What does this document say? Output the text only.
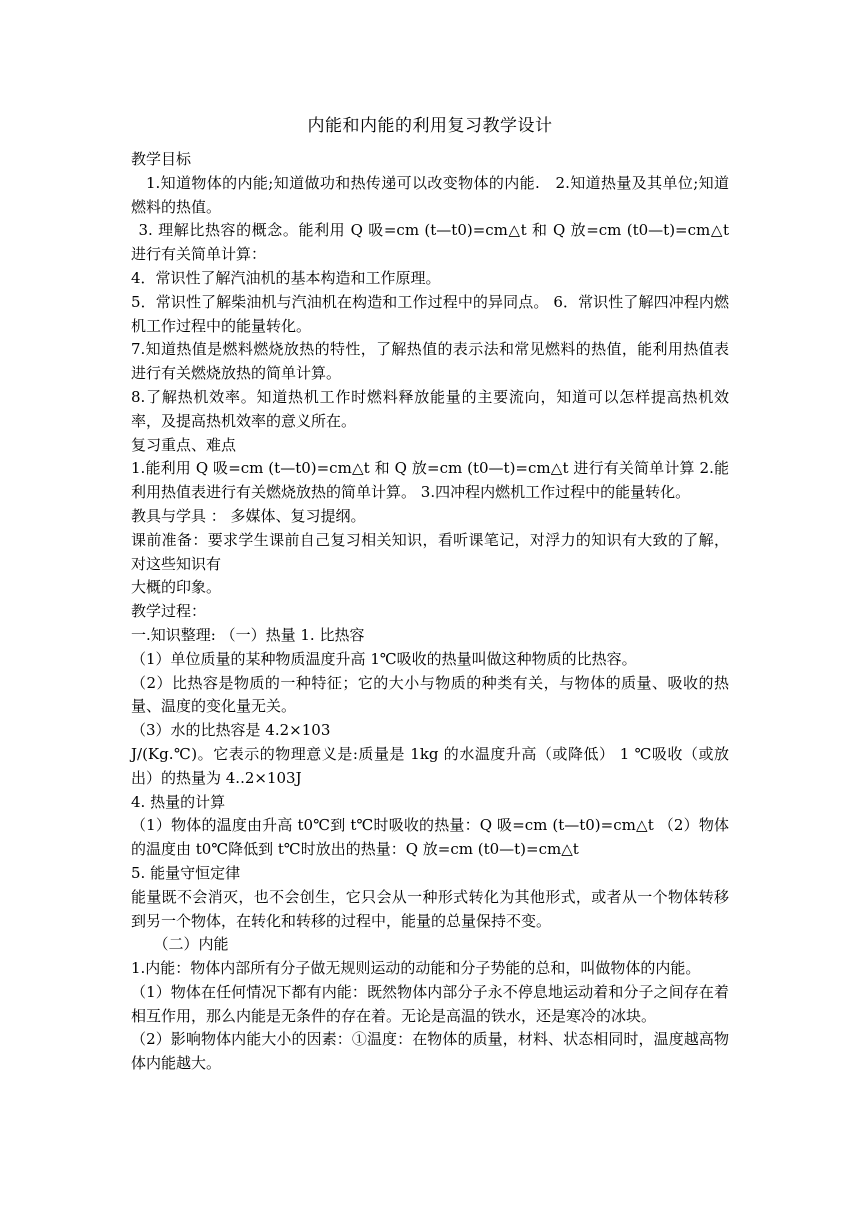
内能和内能的利用复习教学设计

教学目标

1.知道物体的内能;知道做功和热传递可以改变物体的内能.　2.知道热量及其单位;知道燃料的热值。

3. 理解比热容的概念。能利用 Q 吸=cm (t—t0)=cm△t 和 Q 放=cm (t0—t)=cm△t 进行有关简单计算：

4．常识性了解汽油机的基本构造和工作原理。

5．常识性了解柴油机与汽油机在构造和工作过程中的异同点。 6．常识性了解四冲程内燃机工作过程中的能量转化。

7.知道热值是燃料燃烧放热的特性，了解热值的表示法和常见燃料的热值，能利用热值表进行有关燃烧放热的简单计算。

8.了解热机效率。知道热机工作时燃料释放能量的主要流向，知道可以怎样提高热机效率，及提高热机效率的意义所在。

复习重点、难点

1.能利用 Q 吸=cm (t—t0)=cm△t 和 Q 放=cm (t0—t)=cm△t 进行有关简单计算 2.能利用热值表进行有关燃烧放热的简单计算。 3.四冲程内燃机工作过程中的能量转化。

教具与学具 ： 多媒体、复习提纲。

课前准备：要求学生课前自己复习相关知识，看听课笔记，对浮力的知识有大致的了解，对这些知识有

大概的印象。

教学过程：

一.知识整理: （一）热量 1. 比热容

（1）单位质量的某种物质温度升高 1℃吸收的热量叫做这种物质的比热容。

（2）比热容是物质的一种特征；它的大小与物质的种类有关，与物体的质量、吸收的热量、温度的变化量无关。

（3）水的比热容是 4.2×103

J/(Kg.℃)。它表示的物理意义是:质量是 1kg 的水温度升高（或降低） 1 ℃吸收（或放出）的热量为 4..2×103J

4. 热量的计算

（1）物体的温度由升高 t0℃到 t℃时吸收的热量：Q 吸=cm (t—t0)=cm△t （2）物体的温度由 t0℃降低到 t℃时放出的热量：Q 放=cm (t0—t)=cm△t

5. 能量守恒定律

能量既不会消灭，也不会创生，它只会从一种形式转化为其他形式，或者从一个物体转移到另一个物体，在转化和转移的过程中，能量的总量保持不变。

（二）内能

1.内能：物体内部所有分子做无规则运动的动能和分子势能的总和，叫做物体的内能。

（1）物体在任何情况下都有内能：既然物体内部分子永不停息地运动着和分子之间存在着相互作用，那么内能是无条件的存在着。无论是高温的铁水，还是寒冷的冰块。

（2）影响物体内能大小的因素：①温度：在物体的质量，材料、状态相同时，温度越高物体内能越大。
